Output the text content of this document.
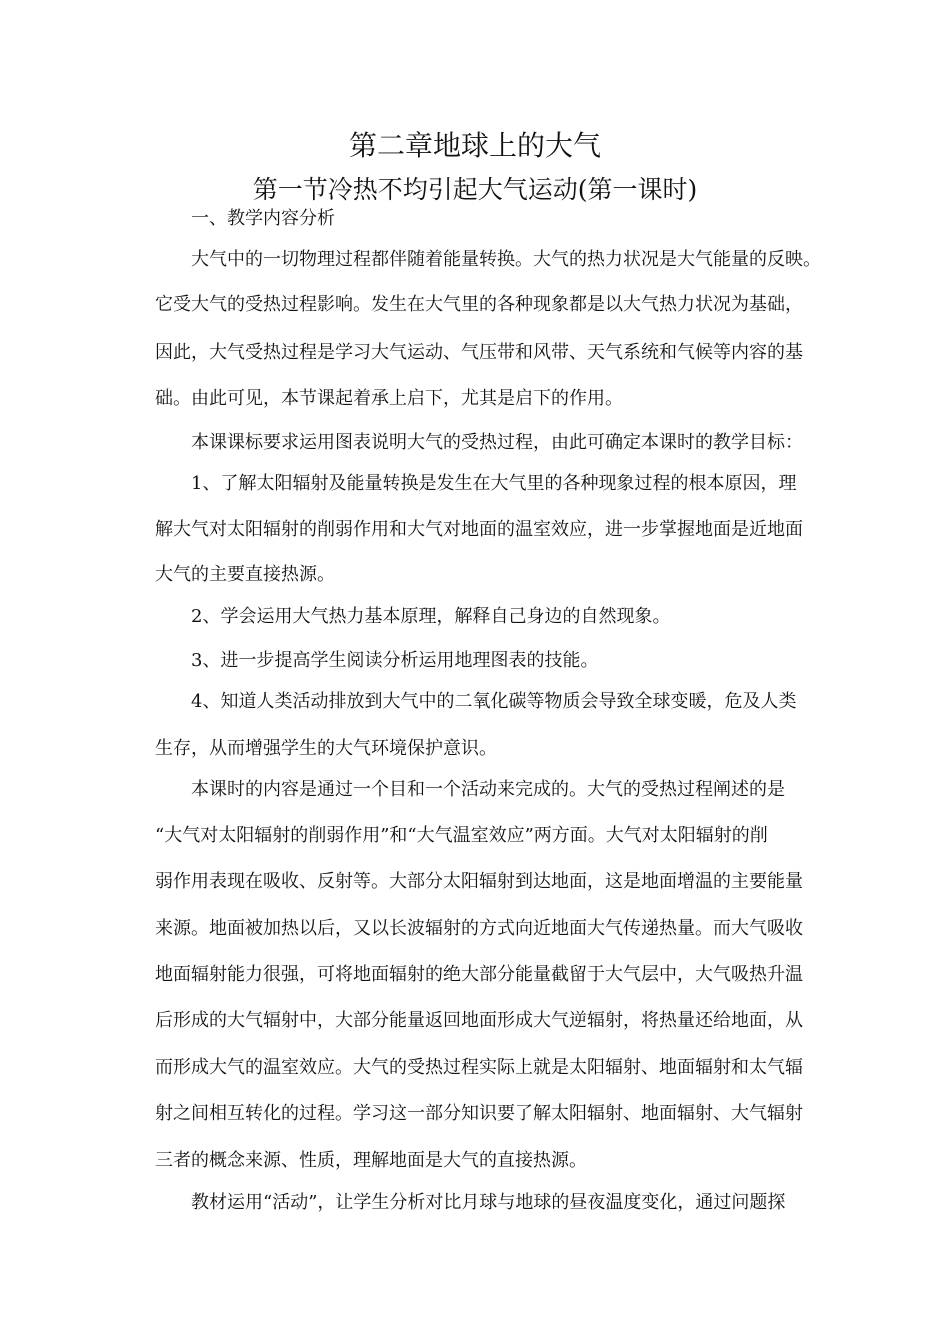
第二章地球上的大气
第一节冷热不均引起大气运动(第一课时)
一、教学内容分析
大气中的一切物理过程都伴随着能量转换。大气的热力状况是大气能量的反映。
它受大气的受热过程影响。发生在大气里的各种现象都是以大气热力状况为基础，
因此，大气受热过程是学习大气运动、气压带和风带、天气系统和气候等内容的基
础。由此可见，本节课起着承上启下，尤其是启下的作用。
本课课标要求运用图表说明大气的受热过程，由此可确定本课时的教学目标：
1、了解太阳辐射及能量转换是发生在大气里的各种现象过程的根本原因，理
解大气对太阳辐射的削弱作用和大气对地面的温室效应，进一步掌握地面是近地面
大气的主要直接热源。
2、学会运用大气热力基本原理，解释自己身边的自然现象。
3、进一步提高学生阅读分析运用地理图表的技能。
4、知道人类活动排放到大气中的二氧化碳等物质会导致全球变暖，危及人类
生存，从而增强学生的大气环境保护意识。
本课时的内容是通过一个目和一个活动来完成的。大气的受热过程阐述的是
“大气对太阳辐射的削弱作用”和“大气温室效应”两方面。大气对太阳辐射的削
弱作用表现在吸收、反射等。大部分太阳辐射到达地面，这是地面增温的主要能量
来源。地面被加热以后，又以长波辐射的方式向近地面大气传递热量。而大气吸收
地面辐射能力很强，可将地面辐射的绝大部分能量截留于大气层中，大气吸热升温
后形成的大气辐射中，大部分能量返回地面形成大气逆辐射，将热量还给地面，从
而形成大气的温室效应。大气的受热过程实际上就是太阳辐射、地面辐射和太气辐
射之间相互转化的过程。学习这一部分知识要了解太阳辐射、地面辐射、大气辐射
三者的概念来源、性质，理解地面是大气的直接热源。
教材运用“活动”，让学生分析对比月球与地球的昼夜温度变化，通过问题探
